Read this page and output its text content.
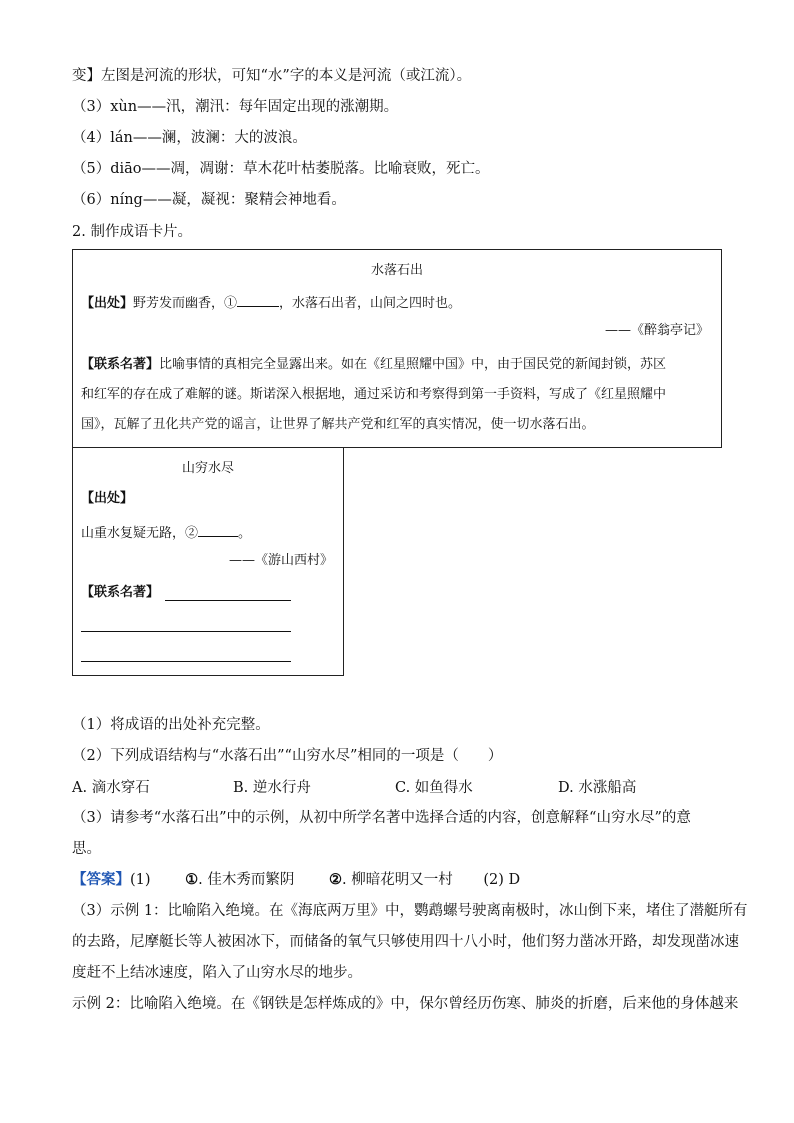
变】左图是河流的形状，可知“水”字的本义是河流（或江流）。
（3）xùn——汛，潮汛：每年固定出现的涨潮期。
（4）lán——澜，波澜：大的波浪。
（5）diāo——凋，凋谢：草木花叶枯萎脱落。比喻衰败，死亡。
（6）níng——凝，凝视：聚精会神地看。
2. 制作成语卡片。
水落石出
【出处】野芳发而幽香，①	，水落石出者，山间之四时也。
——《醉翁亭记》
【联系名著】比喻事情的真相完全显露出来。如在《红星照耀中国》中，由于国民党的新闻封锁，苏区
和红军的存在成了难解的谜。斯诺深入根据地，通过采访和考察得到第一手资料，写成了《红星照耀中
国》，瓦解了丑化共产党的谣言，让世界了解共产党和红军的真实情况，使一切水落石出。
山穷水尽
【出处】
山重水复疑无路，②	。
——《游山西村》
【联系名著】
（1）将成语的出处补充完整。
（2）下列成语结构与“水落石出”“山穷水尽”相同的一项是（　　）
A. 滴水穿石	B. 逆水行舟	C. 如鱼得水	D. 水涨船高
（3）请参考“水落石出”中的示例，从初中所学名著中选择合适的内容，创意解释“山穷水尽”的意
思。
【答案】(1) ①. 佳木秀而繁阴 ②. 柳暗花明又一村 (2) D
（3）示例 1：比喻陷入绝境。在《海底两万里》中，鹦鹉螺号驶离南极时，冰山倒下来，堵住了潜艇所有
的去路，尼摩艇长等人被困冰下，而储备的氧气只够使用四十八小时，他们努力凿冰开路，却发现凿冰速
度赶不上结冰速度，陷入了山穷水尽的地步。
示例 2：比喻陷入绝境。在《钢铁是怎样炼成的》中，保尔曾经历伤寒、肺炎的折磨，后来他的身体越来
